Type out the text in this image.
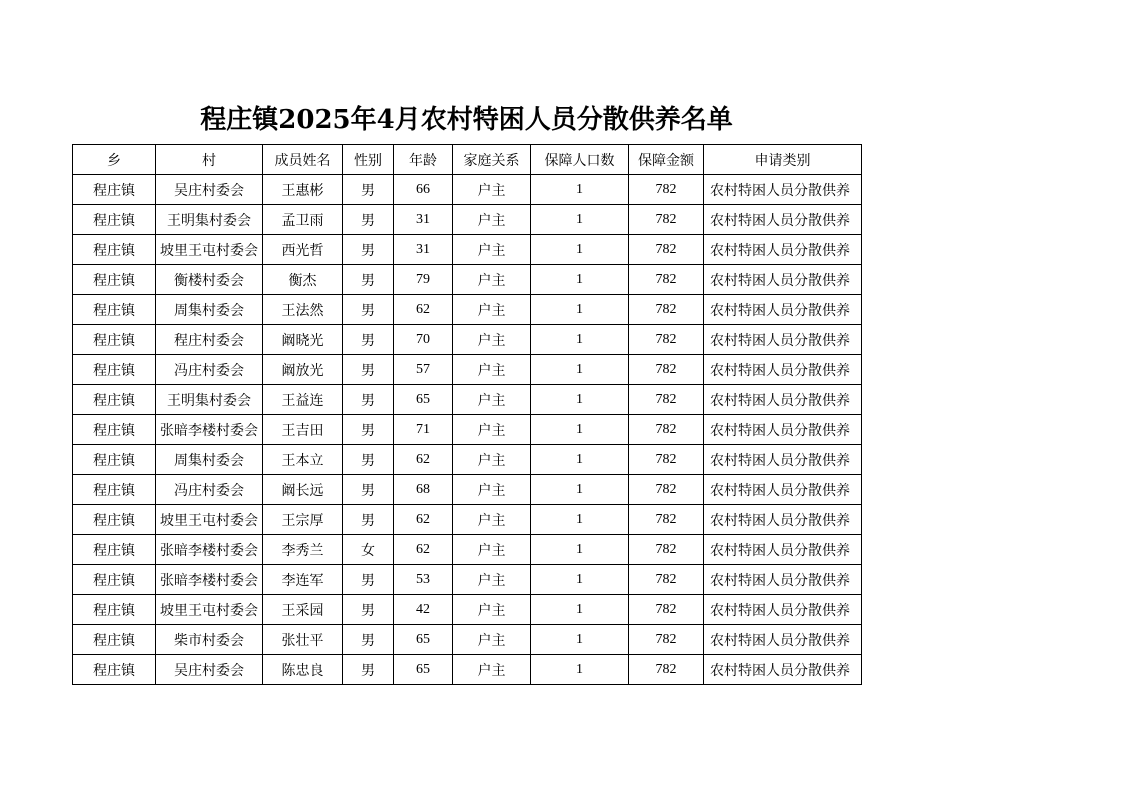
程庄镇2025年4月农村特困人员分散供养名单
乡	村	成员姓名	性别	年龄	家庭关系	保障人口数	保障金额	申请类别
程庄镇	吴庄村委会	王惠彬	男	66	户主	1	782	农村特困人员分散供养
程庄镇	王明集村委会	孟卫雨	男	31	户主	1	782	农村特困人员分散供养
程庄镇	坡里王屯村委会	西光哲	男	31	户主	1	782	农村特困人员分散供养
程庄镇	衡楼村委会	衡杰	男	79	户主	1	782	农村特困人员分散供养
程庄镇	周集村委会	王法然	男	62	户主	1	782	农村特困人员分散供养
程庄镇	程庄村委会	阚晓光	男	70	户主	1	782	农村特困人员分散供养
程庄镇	冯庄村委会	阚放光	男	57	户主	1	782	农村特困人员分散供养
程庄镇	王明集村委会	王益连	男	65	户主	1	782	农村特困人员分散供养
程庄镇	张暗李楼村委会	王吉田	男	71	户主	1	782	农村特困人员分散供养
程庄镇	周集村委会	王本立	男	62	户主	1	782	农村特困人员分散供养
程庄镇	冯庄村委会	阚长远	男	68	户主	1	782	农村特困人员分散供养
程庄镇	坡里王屯村委会	王宗厚	男	62	户主	1	782	农村特困人员分散供养
程庄镇	张暗李楼村委会	李秀兰	女	62	户主	1	782	农村特困人员分散供养
程庄镇	张暗李楼村委会	李连军	男	53	户主	1	782	农村特困人员分散供养
程庄镇	坡里王屯村委会	王采园	男	42	户主	1	782	农村特困人员分散供养
程庄镇	柴市村委会	张壮平	男	65	户主	1	782	农村特困人员分散供养
程庄镇	吴庄村委会	陈忠良	男	65	户主	1	782	农村特困人员分散供养
